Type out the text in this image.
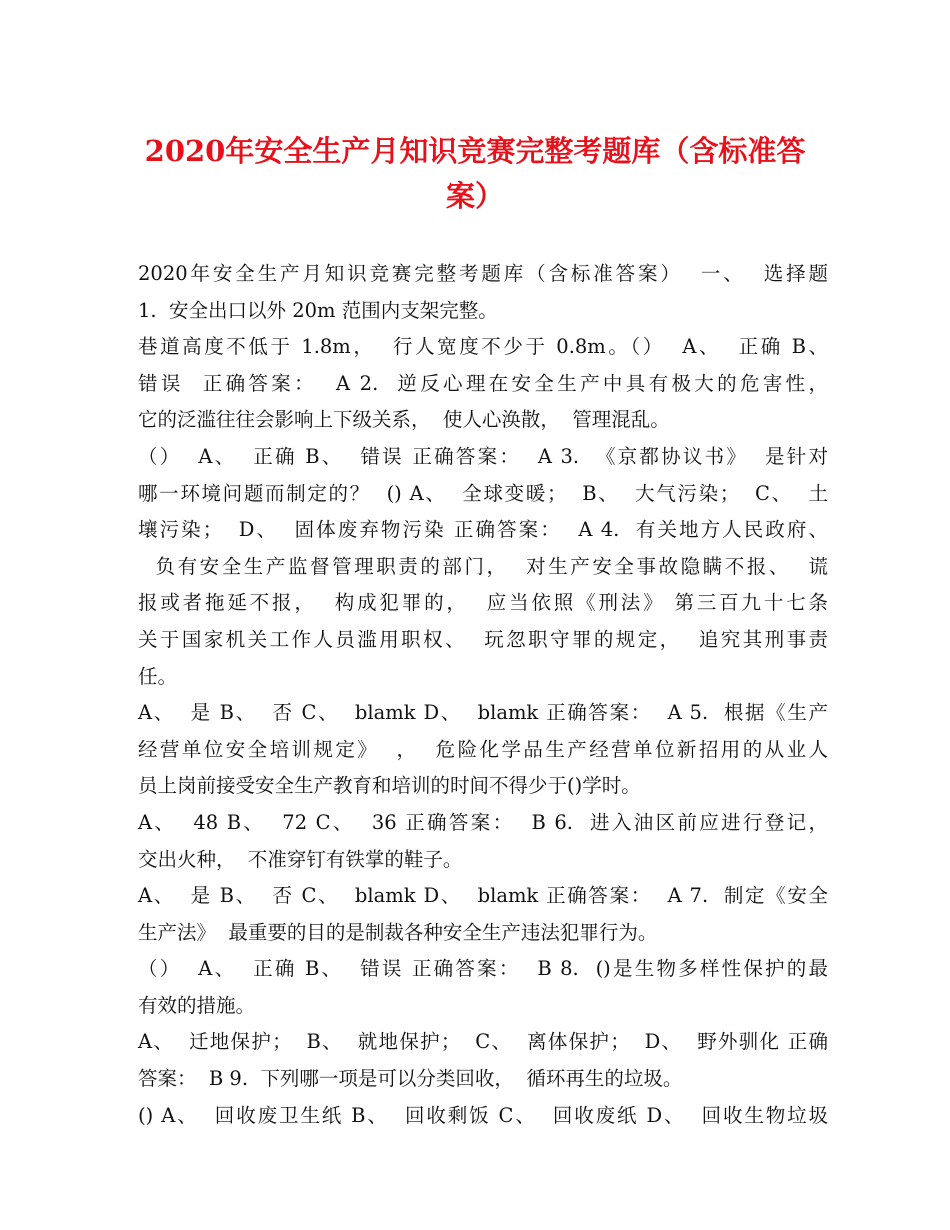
2020年安全生产月知识竞赛完整考题库（含标准答
案）
2020年安全生产月知识竞赛完整考题库（含标准答案）  一、  选择题
1.  安全出口以外 20m 范围内支架完整。
巷道高度不低于 1.8m，  行人宽度不少于 0.8m。（）  A、  正确 B、
错误  正确答案：  A 2.  逆反心理在安全生产中具有极大的危害性，
它的泛滥往往会影响上下级关系，  使人心涣散，  管理混乱。
（）  A、  正确 B、  错误 正确答案：  A 3.  《京都协议书》  是针对
哪一环境问题而制定的？  () A、  全球变暖；  B、  大气污染；  C、  土
壤污染；  D、  固体废弃物污染 正确答案：  A 4.  有关地方人民政府、
负有安全生产监督管理职责的部门，  对生产安全事故隐瞒不报、  谎
报或者拖延不报，  构成犯罪的，  应当依照《刑法》 第三百九十七条
关于国家机关工作人员滥用职权、  玩忽职守罪的规定，  追究其刑事责
任。
A、  是 B、  否 C、  blamk D、  blamk 正确答案：  A 5.  根据《生产
经营单位安全培训规定》  ，  危险化学品生产经营单位新招用的从业人
员上岗前接受安全生产教育和培训的时间不得少于()学时。
A、  48 B、  72 C、  36 正确答案：  B 6.  进入油区前应进行登记，
交出火种，  不准穿钉有铁掌的鞋子。
A、  是 B、  否 C、  blamk D、  blamk 正确答案：  A 7.  制定《安全
生产法》  最重要的目的是制裁各种安全生产违法犯罪行为。
（）  A、  正确 B、  错误 正确答案：  B 8.  ()是生物多样性保护的最
有效的措施。
A、  迁地保护；  B、  就地保护；  C、  离体保护；  D、  野外驯化 正确
答案：  B 9.  下列哪一项是可以分类回收，  循环再生的垃圾。
() A、  回收废卫生纸 B、  回收剩饭 C、  回收废纸 D、  回收生物垃圾
